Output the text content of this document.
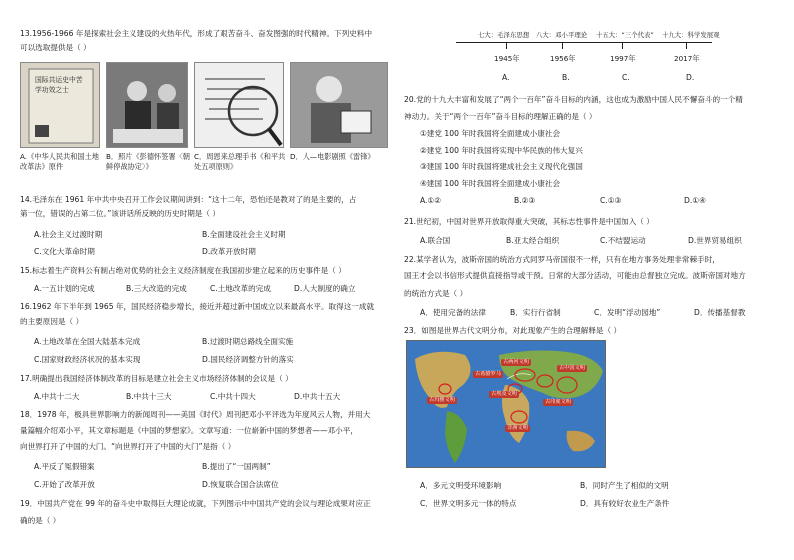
13.1956-1966 年是探索社会主义建设的火热年代，形成了艰苦奋斗、奋发图强的时代精神。下列史料中
可以选取提供是（ ）
国际共运史中苦学功效之士
A.《中华人民共和国土地改革法》原件
B．照片《彭德怀签署〈朝鲜停战协定〉》
C．周恩来总理手书《和平共处五项原则》
D．人—电影剧照《雷锋》
14.毛泽东在 1961 年中共中央召开工作会议期间讲到：“这十二年，恐怕还是教对了的是主要的，占
第一位，错误的占第二位。”该讲话所反映的历史时期是（ ）
A.社会主义过渡时期	B.全面建设社会主义时期
C.文化大革命时期	D.改革开放时期
15.标志着生产资料公有制占绝对优势的社会主义经济制度在我国初步建立起来的历史事件是（ ）
A.一五计划的完成	B.三大改造的完成	C.土地改革的完成	D.人大制度的确立
16.1962 年下半年到 1965 年，国民经济稳步增长，接近并超过新中国成立以来最高水平。取得这一成就
的主要原因是（ ）
A.土地改革在全国大陆基本完成	B.过渡时期总路线全面实施
C.国家财政经济状况的基本实现	D.国民经济调整方针的落实
17.明确提出我国经济体制改革的目标是建立社会主义市场经济体制的会议是（ ）
A.中共十二大	B.中共十三大	C.中共十四大	D.中共十五大
18．1978 年，极具世界影响力的新闻周刊——美国《时代》周刊把邓小平评选为年度风云人物，并用大
量篇幅介绍邓小平，其文章标题是《中国的梦想家》。文章写道：一位崭新中国的梦想者——邓小平，
向世界打开了中国的大门。“向世界打开了中国的大门”是指（ ）
A.平反了冤假错案	B.提出了“一国两制”
C.开始了改革开放	D.恢复联合国合法席位
19．中国共产党在 99 年的奋斗史中取得巨大理论成就，下列图示中中国共产党的会议与理论成果对应正
确的是（ ）
七大：毛泽东思想 八大：邓小平理论 十五大：“三个代表” 十九大：科学发展观
1945年	1956年	1997年	2017年
A.	B.	C.	D.
20.党的十九大丰富和发展了“两个一百年”奋斗目标的内涵，这也成为激励中国人民不懈奋斗的一个精
神动力。关于“两个一百年”奋斗目标的理解正确的是（ ）
①建党 100 年时我国将全面建成小康社会
②建党 100 年时我国将实现中华民族的伟大复兴
③建国 100 年时我国将建成社会主义现代化强国
④建国 100 年时我国将全面建成小康社会
A.①②	B.②③	C.①③	D.①④
21.世纪初，中国对世界开放取得重大突破，其标志性事件是中国加入（ ）
A.联合国	B.亚太经合组织	C.不结盟运动	D.世界贸易组织
22.某学者认为，波斯帝国的统治方式同罗马帝国很不一样，只有在地方事务处理非常棘手时，
国王才会以书信形式提供直接指导或干预。日常的大部分活动，可能由总督独立完成。波斯帝国对地方
的统治方式是（ ）
A．使用完备的法律	B．实行行省制	C．发明“浮动园地”	D．传播基督教
23．如图是世界古代文明分布，对此现象产生的合理解释是（ ）
古两河文明
古希腊罗马
古埃及文明
古中国文明
古印度文明
古玛雅文明
非洲文明
A．多元文明受环境影响	B．同时产生了相似的文明
C．世界文明多元一体的特点	D．具有较好农业生产条件
